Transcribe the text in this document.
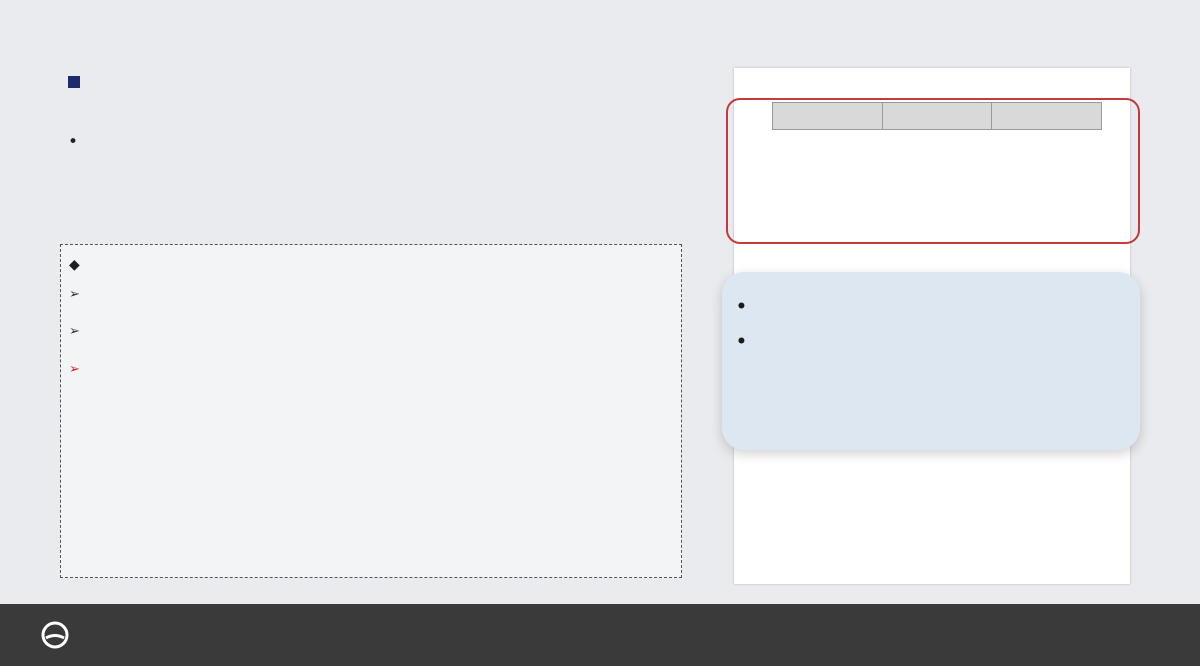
•
◆
➢
➢
➢

•
•
